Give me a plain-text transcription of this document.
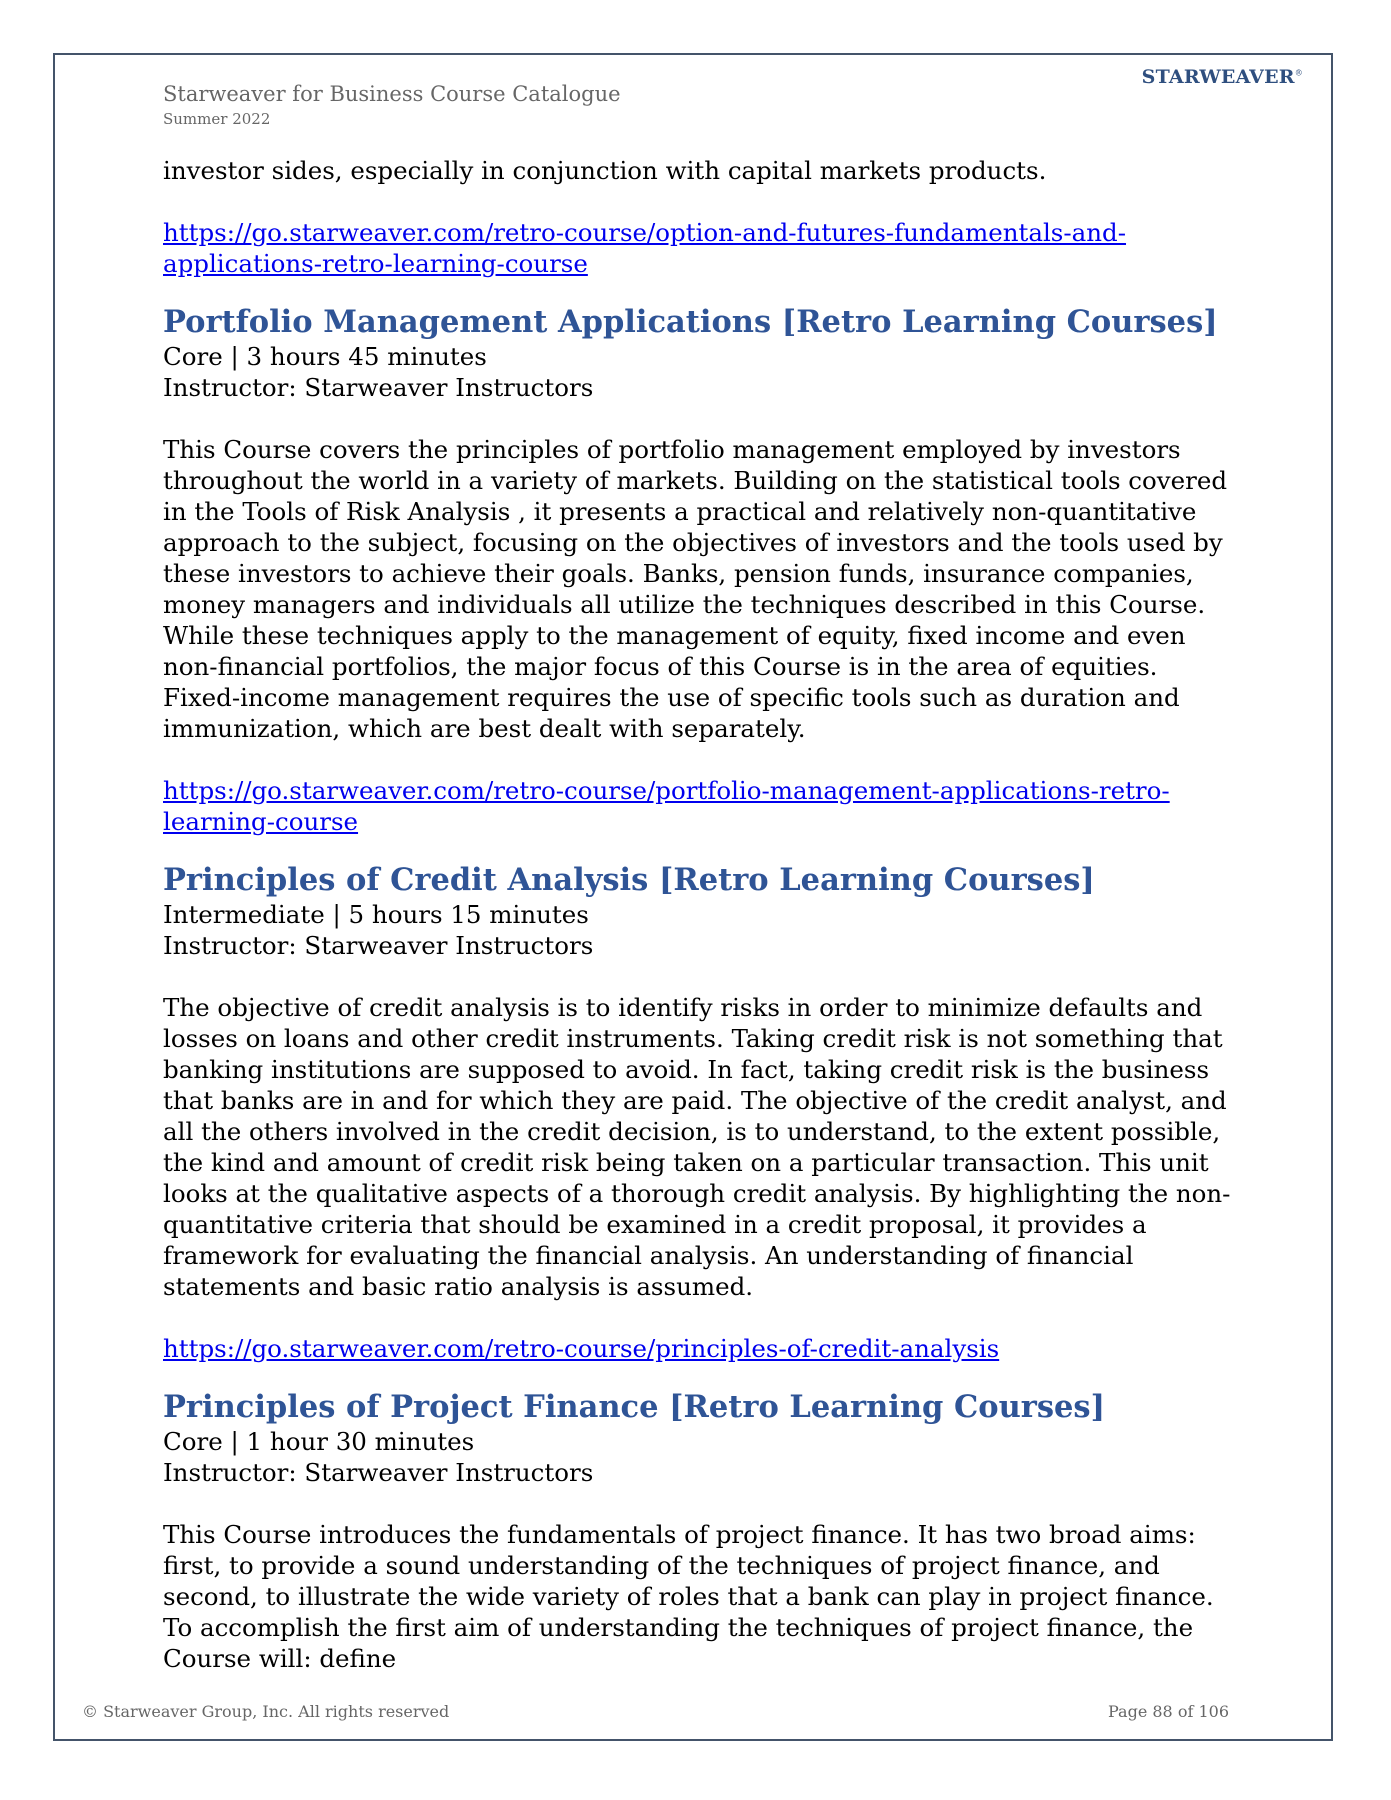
STARWEAVER®
Starweaver for Business Course Catalogue
Summer 2022

investor sides, especially in conjunction with capital markets products.

https://go.starweaver.com/retro-course/option-and-futures-fundamentals-and-
applications-retro-learning-course

Portfolio Management Applications [Retro Learning Courses]

Core | 3 hours 45 minutes

Instructor: Starweaver Instructors

This Course covers the principles of portfolio management employed by investors throughout the world in a variety of markets. Building on the statistical tools covered in the Tools of Risk Analysis , it presents a practical and relatively non-quantitative approach to the subject, focusing on the objectives of investors and the tools used by these investors to achieve their goals. Banks, pension funds, insurance companies, money managers and individuals all utilize the techniques described in this Course. While these techniques apply to the management of equity, fixed income and even non-financial portfolios, the major focus of this Course is in the area of equities. Fixed-income management requires the use of specific tools such as duration and immunization, which are best dealt with separately.

https://go.starweaver.com/retro-course/portfolio-management-applications-retro-
learning-course

Principles of Credit Analysis [Retro Learning Courses]

Intermediate | 5 hours 15 minutes

Instructor: Starweaver Instructors

The objective of credit analysis is to identify risks in order to minimize defaults and losses on loans and other credit instruments. Taking credit risk is not something that banking institutions are supposed to avoid. In fact, taking credit risk is the business that banks are in and for which they are paid. The objective of the credit analyst, and all the others involved in the credit decision, is to understand, to the extent possible, the kind and amount of credit risk being taken on a particular transaction. This unit looks at the qualitative aspects of a thorough credit analysis. By highlighting the non-quantitative criteria that should be examined in a credit proposal, it provides a framework for evaluating the financial analysis. An understanding of financial statements and basic ratio analysis is assumed.

https://go.starweaver.com/retro-course/principles-of-credit-analysis

Principles of Project Finance [Retro Learning Courses]

Core | 1 hour 30 minutes

Instructor: Starweaver Instructors

This Course introduces the fundamentals of project finance. It has two broad aims: first, to provide a sound understanding of the techniques of project finance, and second, to illustrate the wide variety of roles that a bank can play in project finance. To accomplish the first aim of understanding the techniques of project finance, the Course will: define

© Starweaver Group, Inc. All rights reserved	Page 88 of 106
